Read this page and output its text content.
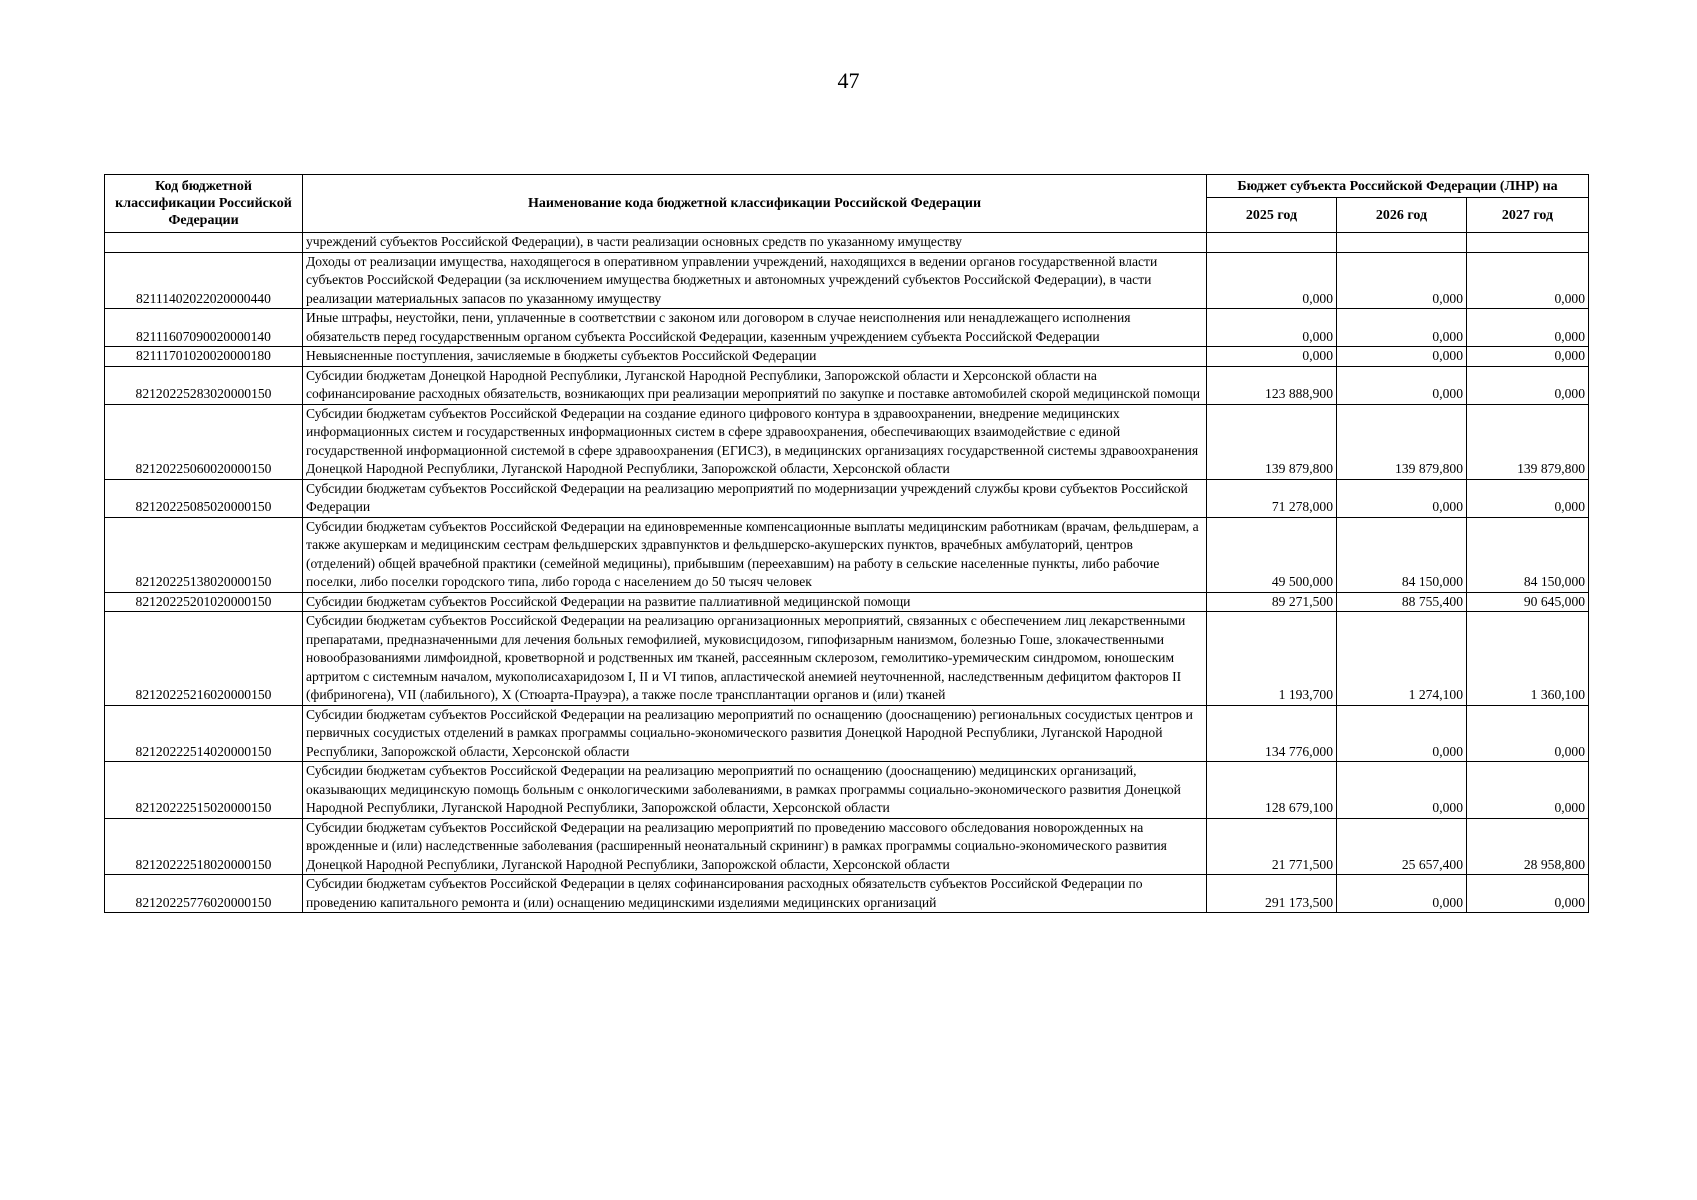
47
Код бюджетной классификации Российской Федерации	Наименование кода бюджетной классификации Российской Федерации	Бюджет субъекта Российской Федерации (ЛНР) на		
		2025 год	2026 год	2027 год
	учреждений субъектов Российской Федерации), в части реализации основных средств по указанному имуществу			
82111402022020000440	Доходы от реализации имущества, находящегося в оперативном управлении учреждений, находящихся в ведении органов государственной власти субъектов Российской Федерации (за исключением имущества бюджетных и автономных учреждений субъектов Российской Федерации), в части реализации материальных запасов по указанному имуществу	0,000	0,000	0,000
82111607090020000140	Иные штрафы, неустойки, пени, уплаченные в соответствии с законом или договором в случае неисполнения или ненадлежащего исполнения обязательств перед государственным органом субъекта Российской Федерации, казенным учреждением субъекта Российской Федерации	0,000	0,000	0,000
82111701020020000180	Невыясненные поступления, зачисляемые в бюджеты субъектов Российской Федерации	0,000	0,000	0,000
82120225283020000150	Субсидии бюджетам Донецкой Народной Республики, Луганской Народной Республики, Запорожской области и Херсонской области на софинансирование расходных обязательств, возникающих при реализации мероприятий по закупке и поставке автомобилей скорой медицинской помощи	123 888,900	0,000	0,000
82120225060020000150	Субсидии бюджетам субъектов Российской Федерации на создание единого цифрового контура в здравоохранении, внедрение медицинских информационных систем и государственных информационных систем в сфере здравоохранения, обеспечивающих взаимодействие с единой государственной информационной системой в сфере здравоохранения (ЕГИСЗ), в медицинских организациях государственной системы здравоохранения Донецкой Народной Республики, Луганской Народной Республики, Запорожской области, Херсонской области	139 879,800	139 879,800	139 879,800
82120225085020000150	Субсидии бюджетам субъектов Российской Федерации на реализацию мероприятий по модернизации учреждений службы крови субъектов Российской Федерации	71 278,000	0,000	0,000
82120225138020000150	Субсидии бюджетам субъектов Российской Федерации на единовременные компенсационные выплаты медицинским работникам (врачам, фельдшерам, а также акушеркам и медицинским сестрам фельдшерских здравпунктов и фельдшерско-акушерских пунктов, врачебных амбулаторий, центров (отделений) общей врачебной практики (семейной медицины), прибывшим (переехавшим) на работу в сельские населенные пункты, либо рабочие поселки, либо поселки городского типа, либо города с населением до 50 тысяч человек	49 500,000	84 150,000	84 150,000
82120225201020000150	Субсидии бюджетам субъектов Российской Федерации на развитие паллиативной медицинской помощи	89 271,500	88 755,400	90 645,000
82120225216020000150	Субсидии бюджетам субъектов Российской Федерации на реализацию организационных мероприятий, связанных с обеспечением лиц лекарственными препаратами, предназначенными для лечения больных гемофилией, муковисцидозом, гипофизарным нанизмом, болезнью Гоше, злокачественными новообразованиями лимфоидной, кроветворной и родственных им тканей, рассеянным склерозом, гемолитико-уремическим синдромом, юношеским артритом с системным началом, мукополисахаридозом I, II и VI типов, апластической анемией неуточненной, наследственным дефицитом факторов II (фибриногена), VII (лабильного), X (Стюарта-Прауэра), а также после трансплантации органов и (или) тканей	1 193,700	1 274,100	1 360,100
82120222514020000150	Субсидии бюджетам субъектов Российской Федерации на реализацию мероприятий по оснащению (дооснащению) региональных сосудистых центров и первичных сосудистых отделений в рамках программы социально-экономического развития Донецкой Народной Республики, Луганской Народной Республики, Запорожской области, Херсонской области	134 776,000	0,000	0,000
82120222515020000150	Субсидии бюджетам субъектов Российской Федерации на реализацию мероприятий по оснащению (дооснащению) медицинских организаций, оказывающих медицинскую помощь больным с онкологическими заболеваниями, в рамках программы социально-экономического развития Донецкой Народной Республики, Луганской Народной Республики, Запорожской области, Херсонской области	128 679,100	0,000	0,000
82120222518020000150	Субсидии бюджетам субъектов Российской Федерации на реализацию мероприятий по проведению массового обследования новорожденных на врожденные и (или) наследственные заболевания (расширенный неонатальный скрининг) в рамках программы социально-экономического развития Донецкой Народной Республики, Луганской Народной Республики, Запорожской области, Херсонской области	21 771,500	25 657,400	28 958,800
82120225776020000150	Субсидии бюджетам субъектов Российской Федерации в целях софинансирования расходных обязательств субъектов Российской Федерации по проведению капитального ремонта и (или) оснащению медицинскими изделиями медицинских организаций	291 173,500	0,000	0,000
